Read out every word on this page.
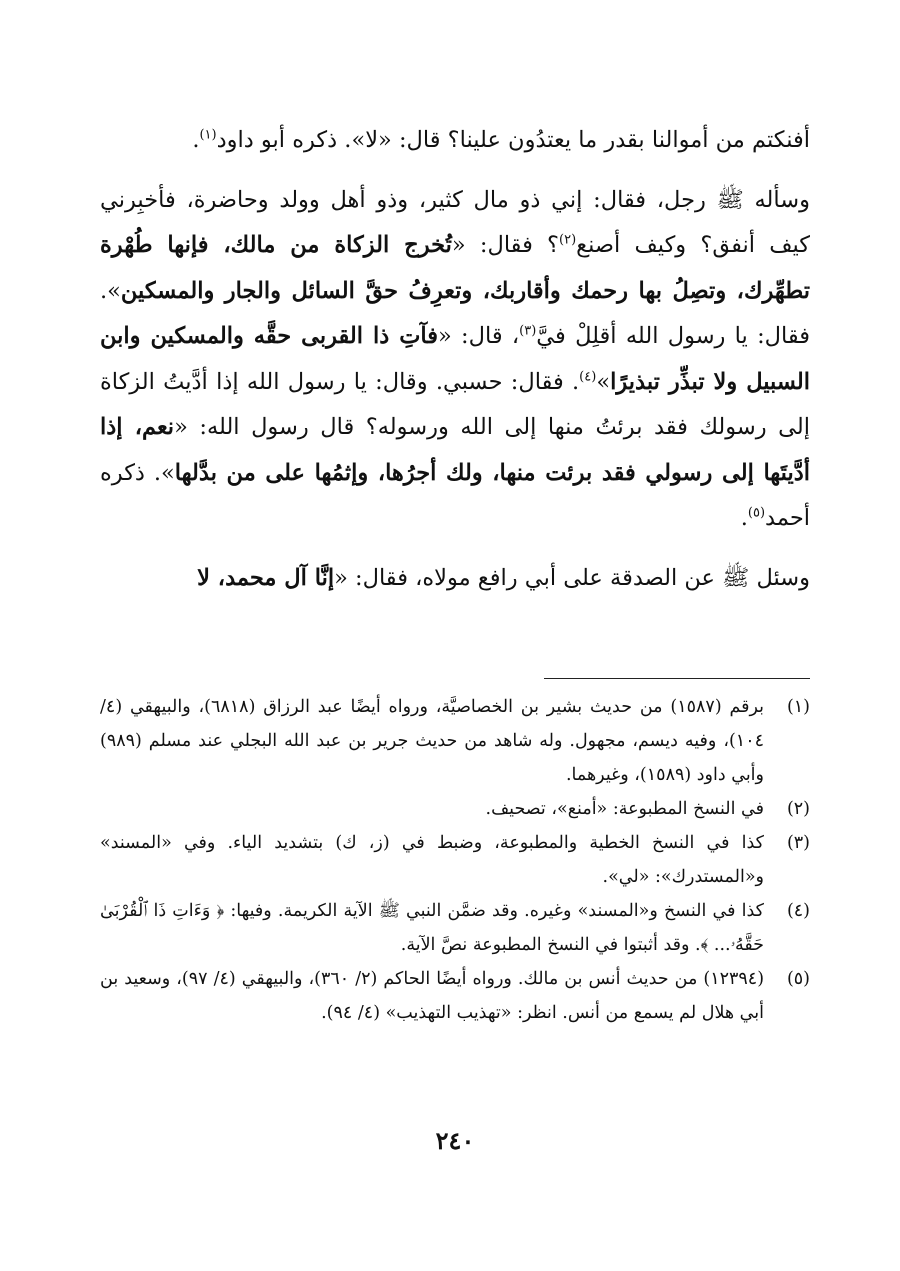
أفنكتم من أموالنا بقدر ما يعتدُون علينا؟ قال: «لا». ذكره أبو داود$^{(١)}$.

وسأله ﷺ رجل، فقال: إني ذو مال كثير، وذو أهل وولد وحاضرة، فأخبِرني كيف أنفق؟ وكيف أصنع$^{(٢)}$؟ فقال: «تُخرج الزكاة من مالك، فإنها طُهْرة تطهِّرك، وتصِلُ بها رحمك وأقاربك، وتعرِفُ حقَّ السائل والجار والمسكين». فقال: يا رسول الله أقلِلْ فيَّ$^{(٣)}$، قال: «فآتِ ذا القربى حقَّه والمسكين وابن السبيل ولا تبذِّر تبذيرًا»$^{(٤)}$. فقال: حسبي. وقال: يا رسول الله إذا أدَّيتُ الزكاة إلى رسولك فقد برئتُ منها إلى الله ورسوله؟ قال رسول الله: «نعم، إذا أدَّيتَها إلى رسولي فقد برئت منها، ولك أجرُها، وإثمُها على من بدَّلها». ذكره أحمد$^{(٥)}$.

وسئل ﷺ عن الصدقة على أبي رافع مولاه، فقال: «إنَّا آل محمد، لا

(١)
برقم (١٥٨٧) من حديث بشير بن الخصاصيَّة، ورواه أيضًا عبد الرزاق (٦٨١٨)، والبيهقي (٤/ ١٠٤)، وفيه ديسم، مجهول. وله شاهد من حديث جرير بن عبد الله البجلي عند مسلم (٩٨٩) وأبي داود (١٥٨٩)، وغيرهما.
(٢)
في النسخ المطبوعة: «أمنع»، تصحيف.
(٣)
كذا في النسخ الخطية والمطبوعة، وضبط في (ز، ك) بتشديد الياء. وفي «المسند» و«المستدرك»: «لي».
(٤)
كذا في النسخ و«المسند» وغيره. وقد ضمَّن النبي ﷺ الآية الكريمة. وفيها: ﴿ وَءَاتِ ذَا ٱلْقُرْبَىٰ حَقَّهُۥ... ﴾. وقد أثبتوا في النسخ المطبوعة نصَّ الآية.
(٥)
(١٢٣٩٤) من حديث أنس بن مالك. ورواه أيضًا الحاكم (٢/ ٣٦٠)، والبيهقي (٤/ ٩٧)، وسعيد بن أبي هلال لم يسمع من أنس. انظر: «تهذيب التهذيب» (٤/ ٩٤).
٢٤٠
